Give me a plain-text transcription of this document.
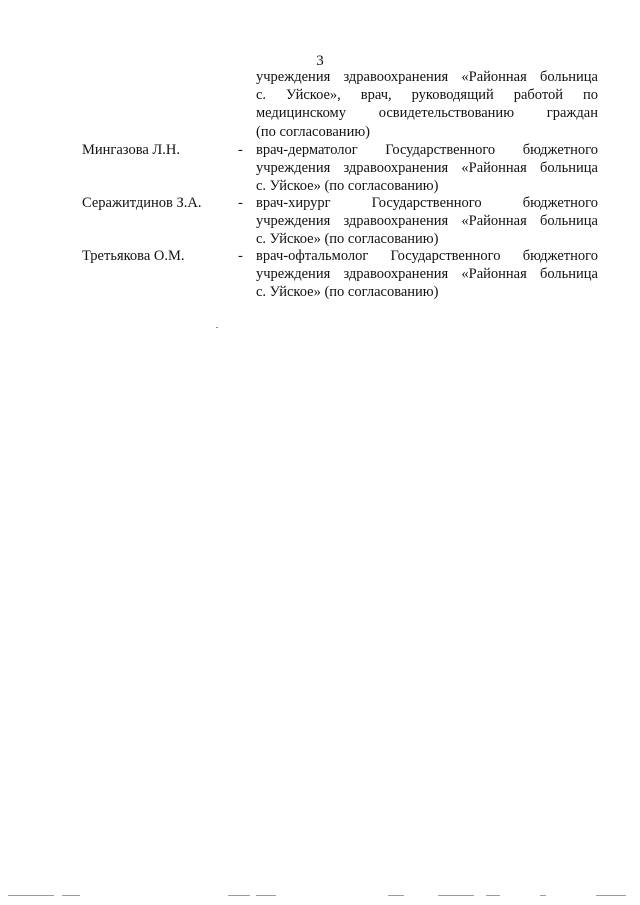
3
учреждения здравоохранения «Районная больница
с. Уйское», врач, руководящий работой по
медицинскому освидетельствованию граждан
(по согласованию)
Мингазова Л.Н.	- врач-дерматолог Государственного бюджетного
учреждения здравоохранения «Районная больница
с. Уйское» (по согласованию)
Серажитдинов З.А.	- врач-хирург Государственного бюджетного
учреждения здравоохранения «Районная больница
с. Уйское» (по согласованию)
Третьякова О.М.	- врач-офтальмолог Государственного бюджетного
учреждения здравоохранения «Районная больница
с. Уйское» (по согласованию)
